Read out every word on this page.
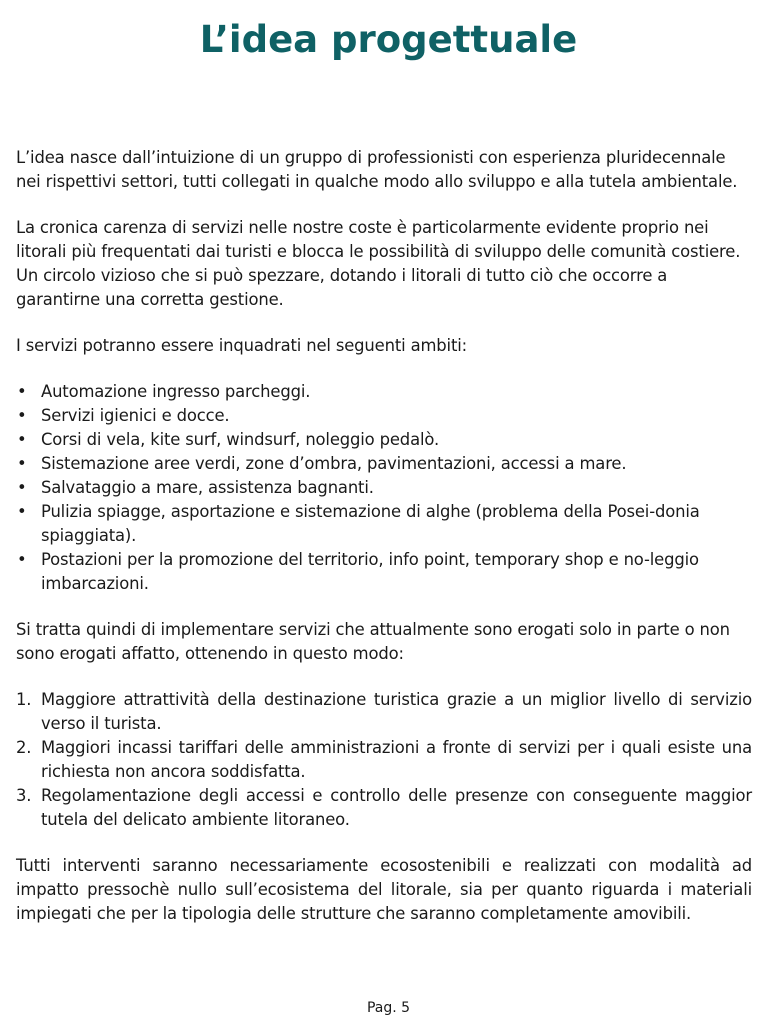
L’idea progettuale

L’idea nasce dall’intuizione di un gruppo di professionisti con esperienza pluridecennale nei rispettivi settori, tutti collegati in qualche modo allo sviluppo e alla tutela ambientale.

La cronica carenza di servizi nelle nostre coste è particolarmente evidente proprio nei litorali più frequentati dai turisti e blocca le possibilità di sviluppo delle comunità costiere.

Un circolo vizioso che si può spezzare, dotando i litorali di tutto ciò che occorre a garantirne una corretta gestione.

I servizi potranno essere inquadrati nel seguenti ambiti:

• Automazione ingresso parcheggi.
• Servizi igienici e docce.
• Corsi di vela, kite surf, windsurf, noleggio pedalò.
• Sistemazione aree verdi, zone d’ombra, pavimentazioni, accessi a mare.
• Salvataggio a mare, assistenza bagnanti.
• Pulizia spiagge, asportazione e sistemazione di alghe (problema della Posei-donia spiaggiata).
• Postazioni per la promozione del territorio, info point, temporary shop e no-leggio imbarcazioni.

Si tratta quindi di implementare servizi che attualmente sono erogati solo in parte o non sono erogati affatto, ottenendo in questo modo:

1. Maggiore attrattività della destinazione turistica grazie a un miglior livello di servizio verso il turista.
2. Maggiori incassi tariffari delle amministrazioni a fronte di servizi per i quali esiste una richiesta non ancora soddisfatta.
3. Regolamentazione degli accessi e controllo delle presenze con conseguente maggior tutela del delicato ambiente litoraneo.

Tutti interventi saranno necessariamente ecosostenibili e realizzati con modalità ad impatto pressochè nullo sull’ecosistema del litorale, sia per quanto riguarda i materiali impiegati che per la tipologia delle strutture che saranno completamente amovibili.

Pag. 5
